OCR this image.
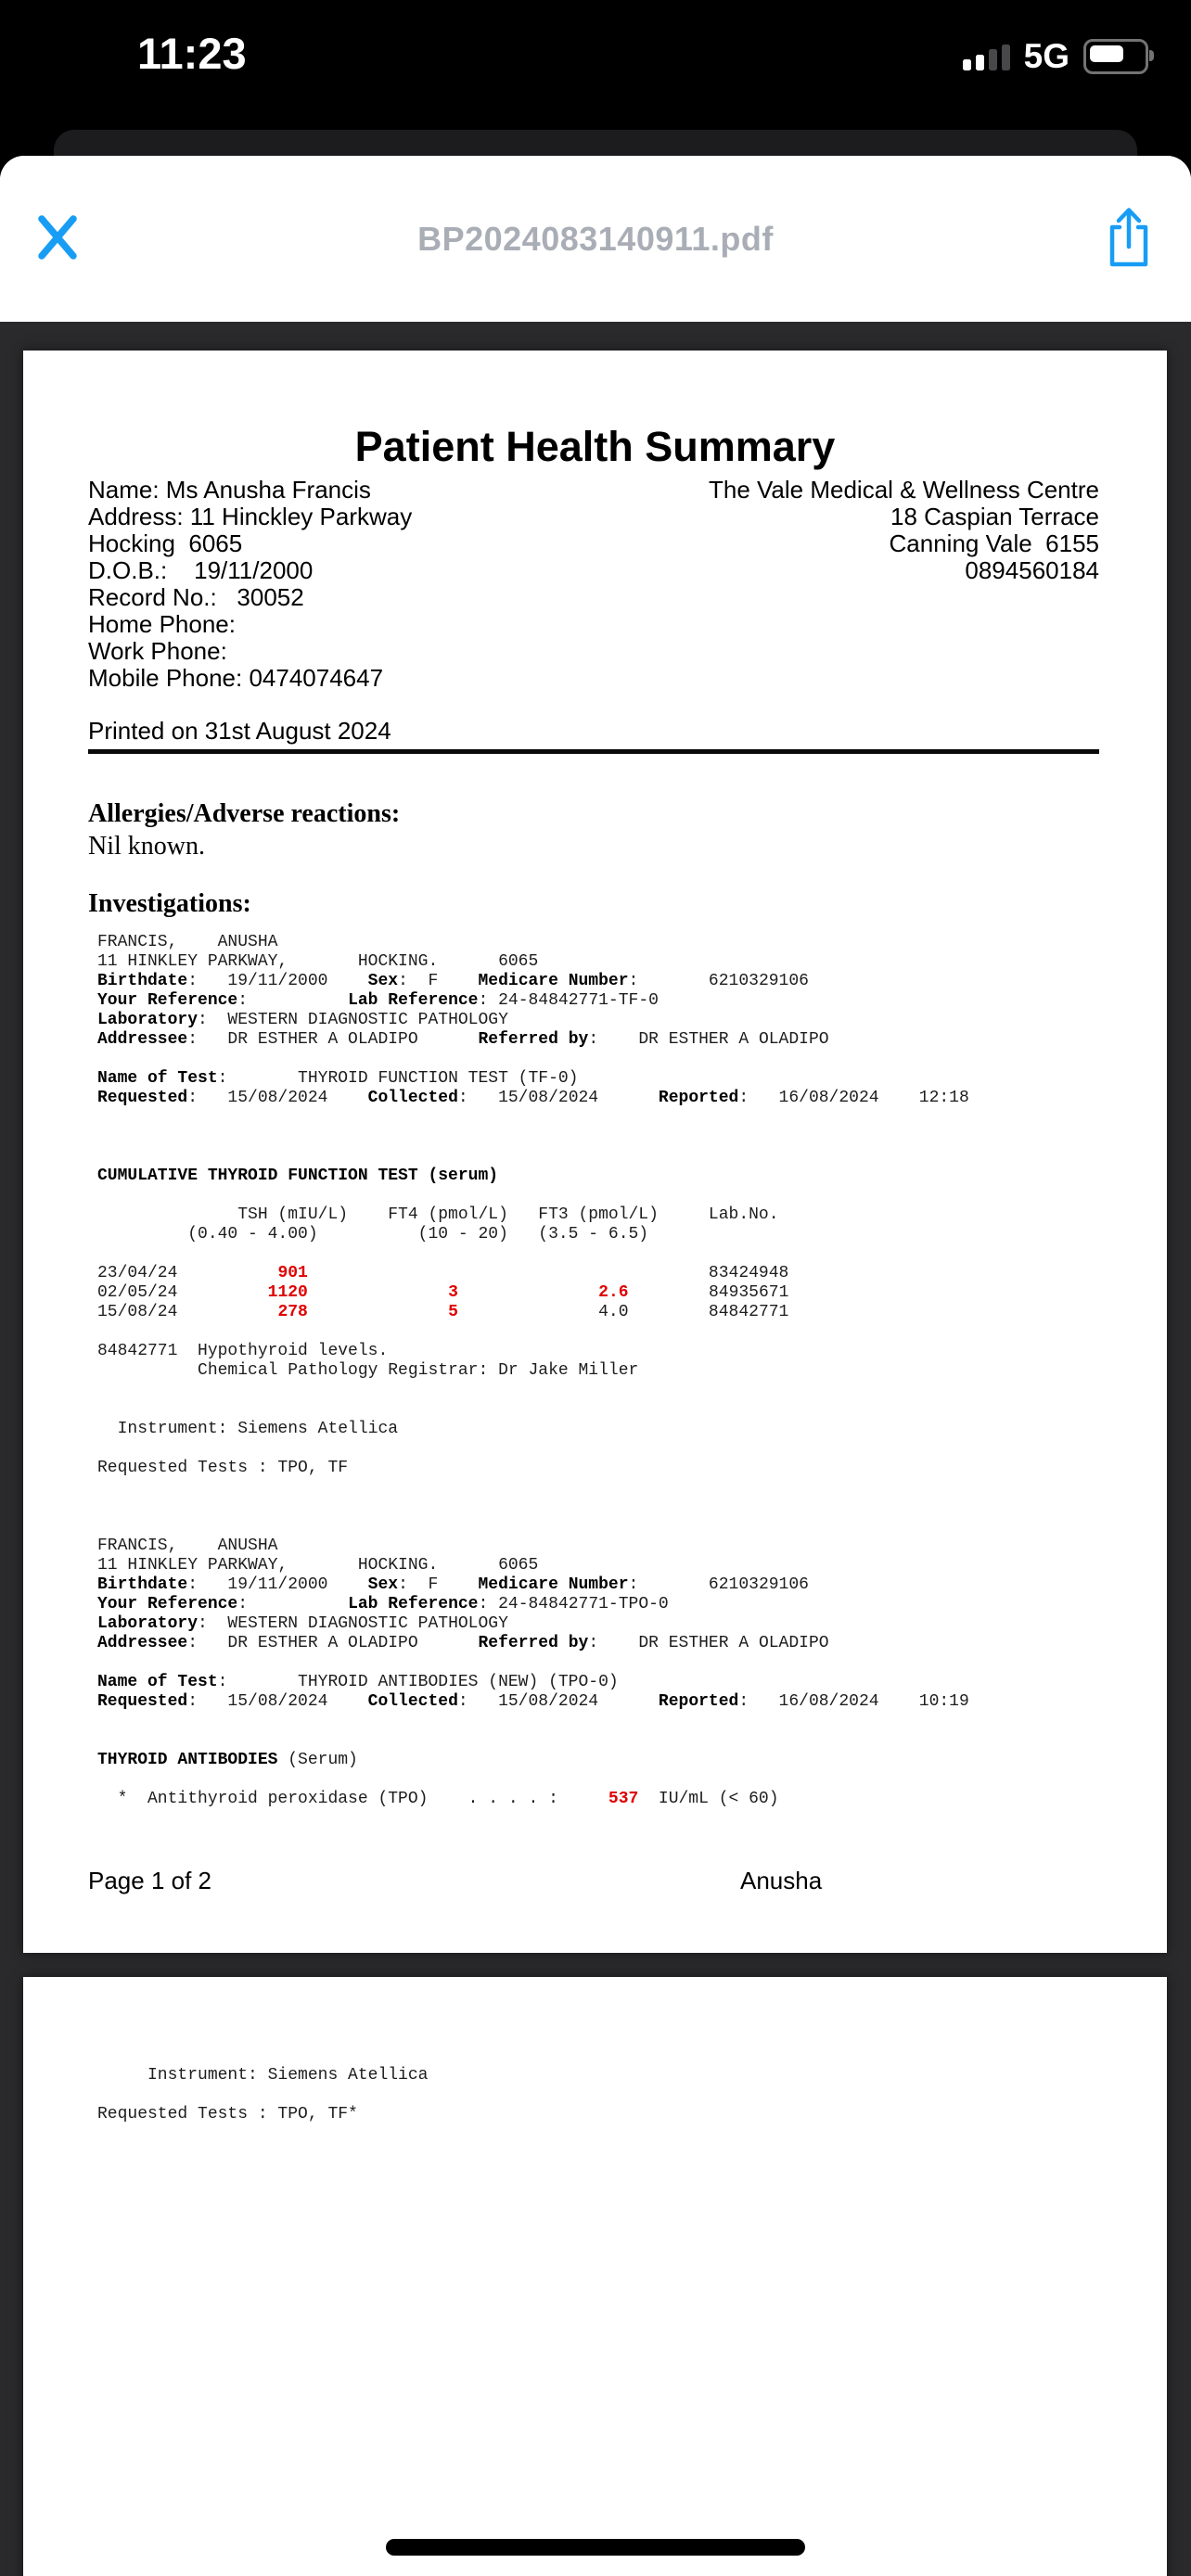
11:23	5G
BP2024083140911.pdf
Patient Health Summary
Name: Ms Anusha Francis
Address: 11 Hinckley Parkway
Hocking  6065
D.O.B.:    19/11/2000
Record No.:   30052
Home Phone:
Work Phone:
Mobile Phone: 0474074647
The Vale Medical & Wellness Centre
18 Caspian Terrace
Canning Vale  6155
0894560184
Printed on 31st August 2024
Allergies/Adverse reactions:
Nil known.
Investigations:
FRANCIS,    ANUSHA
11 HINKLEY PARKWAY,       HOCKING.      6065
Birthdate:   19/11/2000    Sex:  F    Medicare Number:       6210329106
Your Reference:          Lab Reference: 24-84842771-TF-0
Laboratory:  WESTERN DIAGNOSTIC PATHOLOGY
Addressee:   DR ESTHER A OLADIPO      Referred by:    DR ESTHER A OLADIPO
Name of Test:       THYROID FUNCTION TEST (TF-0)
Requested:   15/08/2024    Collected:   15/08/2024      Reported:   16/08/2024    12:18
CUMULATIVE THYROID FUNCTION TEST (serum)
TSH (mIU/L)    FT4 (pmol/L)   FT3 (pmol/L)     Lab.No.
(0.40 - 4.00)          (10 - 20)   (3.5 - 6.5)
23/04/24          901                                        83424948
02/05/24         1120	3	2.6        84935671
15/08/24          278	5              4.0        84842771
84842771  Hypothyroid levels.
Chemical Pathology Registrar: Dr Jake Miller
Instrument: Siemens Atellica
Requested Tests : TPO, TF
FRANCIS,    ANUSHA
11 HINKLEY PARKWAY,       HOCKING.      6065
Birthdate:   19/11/2000    Sex:  F    Medicare Number:       6210329106
Your Reference:          Lab Reference: 24-84842771-TPO-0
Laboratory:  WESTERN DIAGNOSTIC PATHOLOGY
Addressee:   DR ESTHER A OLADIPO      Referred by:    DR ESTHER A OLADIPO
Name of Test:       THYROID ANTIBODIES (NEW) (TPO-0)
Requested:   15/08/2024    Collected:   15/08/2024      Reported:   16/08/2024    10:19
THYROID ANTIBODIES (Serum)
*  Antithyroid peroxidase (TPO)    . . . . :     537  IU/mL (< 60)
Page 1 of 2	Anusha
Instrument: Siemens Atellica
Requested Tests : TPO, TF*
